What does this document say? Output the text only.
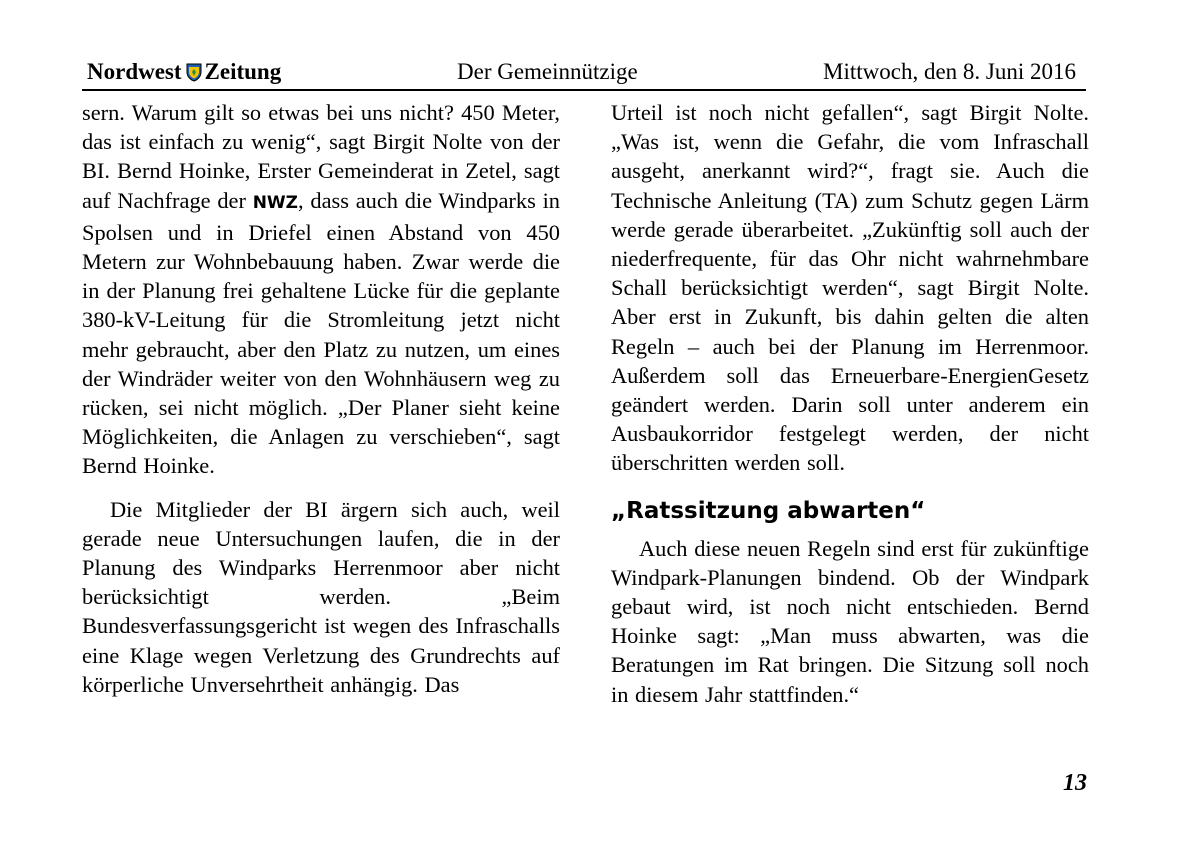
Nordwest Zeitung	Der Gemeinnützige	Mittwoch, den 8. Juni 2016

sern. Warum gilt so etwas bei uns nicht? 450 Meter, das ist einfach zu wenig“, sagt Birgit Nolte von der BI. Bernd Hoinke, Erster Gemeinderat in Zetel, sagt auf Nachfrage der NWZ, dass auch die Windparks in Spolsen und in Driefel einen Abstand von 450 Metern zur Wohnbebauung haben. Zwar werde die in der Planung frei gehaltene Lücke für die geplante 380-kV-Leitung für die Stromleitung jetzt nicht mehr gebraucht, aber den Platz zu nutzen, um eines der Windräder weiter von den Wohnhäusern weg zu rücken, sei nicht möglich. „Der Planer sieht keine Möglichkeiten, die Anlagen zu verschieben“, sagt Bernd Hoinke.

Die Mitglieder der BI ärgern sich auch, weil gerade neue Untersuchungen laufen, die in der Planung des Windparks Herrenmoor aber nicht berücksichtigt werden. „Beim Bundesverfassungsgericht ist wegen des Infraschalls eine Klage wegen Verletzung des Grundrechts auf körperliche Unversehrtheit anhängig. Das

Urteil ist noch nicht gefallen“, sagt Birgit Nolte. „Was ist, wenn die Gefahr, die vom Infraschall ausgeht, anerkannt wird?“, fragt sie. Auch die Technische Anleitung (TA) zum Schutz gegen Lärm werde gerade überarbeitet. „Zukünftig soll auch der niederfrequente, für das Ohr nicht wahrnehmbare Schall berücksichtigt werden“, sagt Birgit Nolte. Aber erst in Zukunft, bis dahin gelten die alten Regeln – auch bei der Planung im Herrenmoor. Außerdem soll das Erneuerbare-EnergienGesetz geändert werden. Darin soll unter anderem ein Ausbaukorridor festgelegt werden, der nicht überschritten werden soll.

„Ratssitzung abwarten“

Auch diese neuen Regeln sind erst für zukünftige Windpark-Planungen bindend. Ob der Windpark gebaut wird, ist noch nicht entschieden. Bernd Hoinke sagt: „Man muss abwarten, was die Beratungen im Rat bringen. Die Sitzung soll noch in diesem Jahr stattfinden.“

13
